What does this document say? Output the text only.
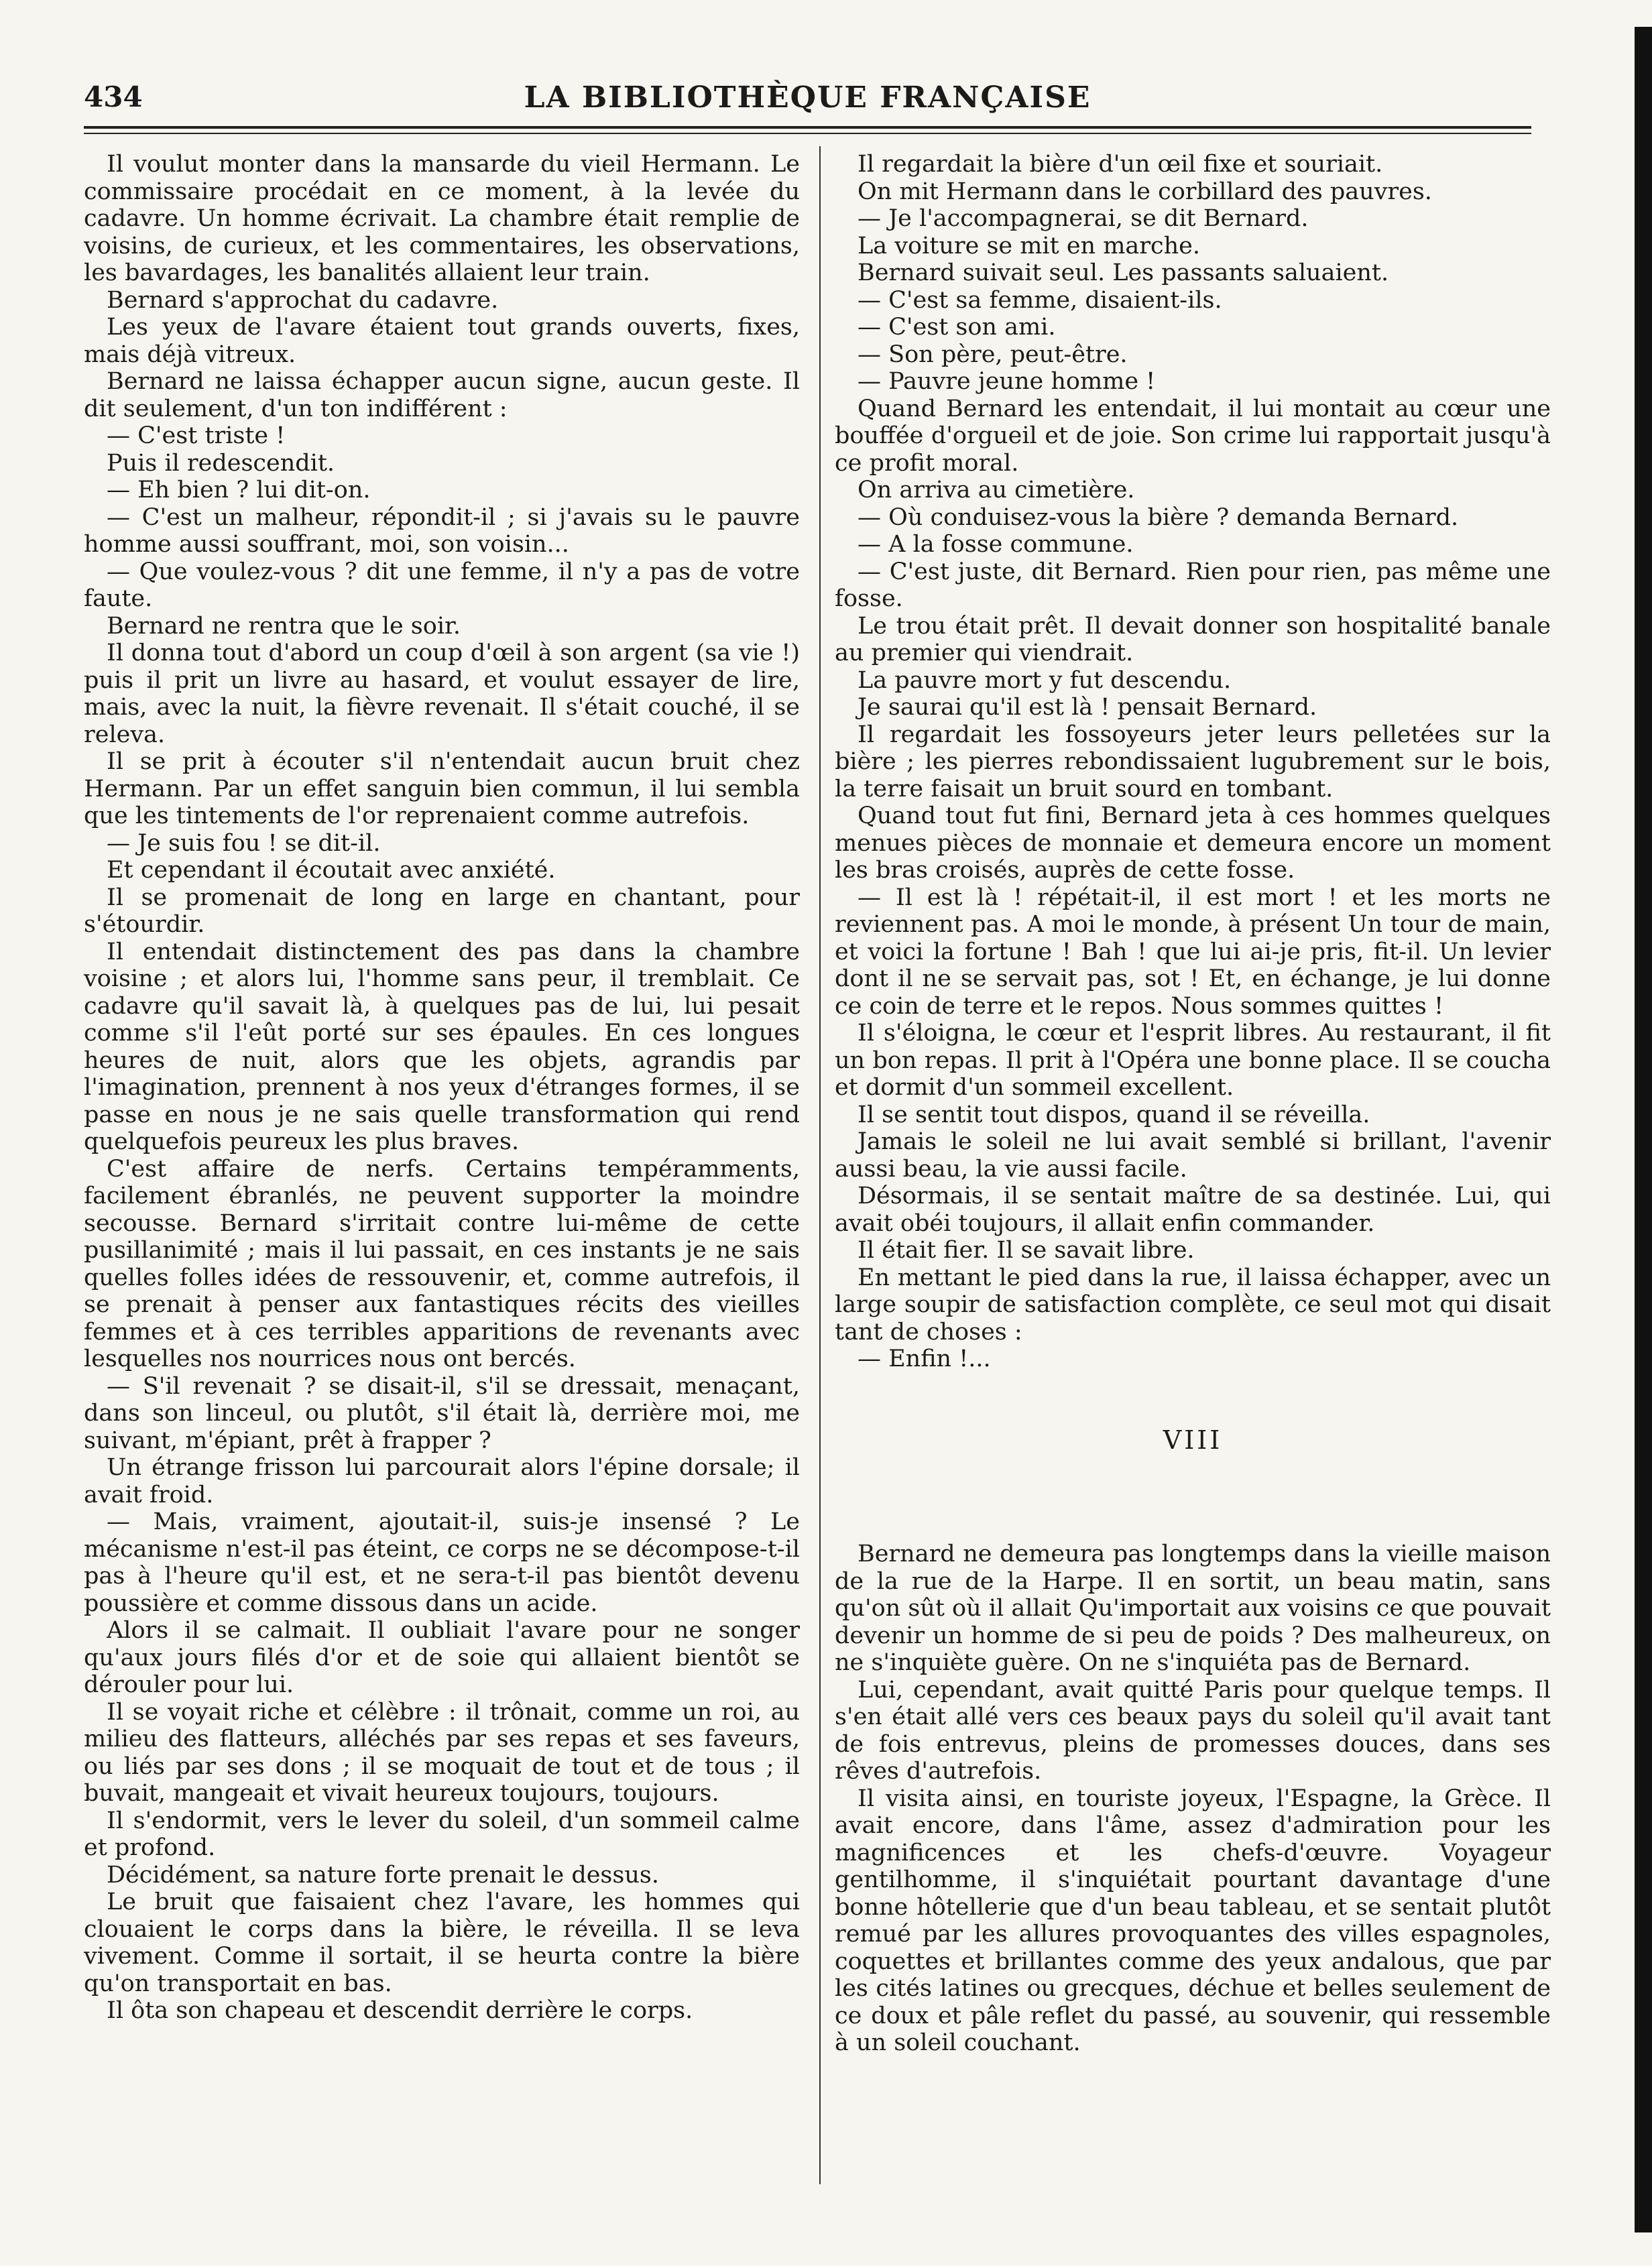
434	LA BIBLIOTHÈQUE FRANÇAISE

Il voulut monter dans la mansarde du vieil Hermann. Le commissaire procédait en ce moment, à la levée du cadavre. Un homme écrivait. La chambre était remplie de voisins, de curieux, et les commentaires, les observations, les bavardages, les banalités allaient leur train.

Bernard s'approchat du cadavre.

Les yeux de l'avare étaient tout grands ouverts, fixes, mais déjà vitreux.

Bernard ne laissa échapper aucun signe, aucun geste. Il dit seulement, d'un ton indifférent :

— C'est triste !

Puis il redescendit.

— Eh bien ? lui dit-on.

— C'est un malheur, répondit-il ; si j'avais su le pauvre homme aussi souffrant, moi, son voisin...

— Que voulez-vous ? dit une femme, il n'y a pas de votre faute.

Bernard ne rentra que le soir.

Il donna tout d'abord un coup d'œil à son argent (sa vie !) puis il prit un livre au hasard, et voulut essayer de lire, mais, avec la nuit, la fièvre revenait. Il s'était couché, il se releva.

Il se prit à écouter s'il n'entendait aucun bruit chez Hermann. Par un effet sanguin bien commun, il lui sembla que les tintements de l'or reprenaient comme autrefois.

— Je suis fou ! se dit-il.

Et cependant il écoutait avec anxiété.

Il se promenait de long en large en chantant, pour s'étourdir.

Il entendait distinctement des pas dans la chambre voisine ; et alors lui, l'homme sans peur, il tremblait. Ce cadavre qu'il savait là, à quelques pas de lui, lui pesait comme s'il l'eût porté sur ses épaules. En ces longues heures de nuit, alors que les objets, agrandis par l'imagination, prennent à nos yeux d'étranges formes, il se passe en nous je ne sais quelle transformation qui rend quelquefois peureux les plus braves.

C'est affaire de nerfs. Certains tempéramments, facilement ébranlés, ne peuvent supporter la moindre secousse. Bernard s'irritait contre lui-même de cette pusillanimité ; mais il lui passait, en ces instants je ne sais quelles folles idées de ressouvenir, et, comme autrefois, il se prenait à penser aux fantastiques récits des vieilles femmes et à ces terribles apparitions de revenants avec lesquelles nos nourrices nous ont bercés.

— S'il revenait ? se disait-il, s'il se dressait, menaçant, dans son linceul, ou plutôt, s'il était là, derrière moi, me suivant, m'épiant, prêt à frapper ?

Un étrange frisson lui parcourait alors l'épine dorsale; il avait froid.

— Mais, vraiment, ajoutait-il, suis-je insensé ? Le mécanisme n'est-il pas éteint, ce corps ne se décompose-t-il pas à l'heure qu'il est, et ne sera-t-il pas bientôt devenu poussière et comme dissous dans un acide.

Alors il se calmait. Il oubliait l'avare pour ne songer qu'aux jours filés d'or et de soie qui allaient bientôt se dérouler pour lui.

Il se voyait riche et célèbre : il trônait, comme un roi, au milieu des flatteurs, alléchés par ses repas et ses faveurs, ou liés par ses dons ; il se moquait de tout et de tous ; il buvait, mangeait et vivait heureux toujours, toujours.

Il s'endormit, vers le lever du soleil, d'un sommeil calme et profond.

Décidément, sa nature forte prenait le dessus.

Le bruit que faisaient chez l'avare, les hommes qui clouaient le corps dans la bière, le réveilla. Il se leva vivement. Comme il sortait, il se heurta contre la bière qu'on transportait en bas.

Il ôta son chapeau et descendit derrière le corps.

Il regardait la bière d'un œil fixe et souriait.

On mit Hermann dans le corbillard des pauvres.

— Je l'accompagnerai, se dit Bernard.

La voiture se mit en marche.

Bernard suivait seul. Les passants saluaient.

— C'est sa femme, disaient-ils.

— C'est son ami.

— Son père, peut-être.

— Pauvre jeune homme !

Quand Bernard les entendait, il lui montait au cœur une bouffée d'orgueil et de joie. Son crime lui rapportait jusqu'à ce profit moral.

On arriva au cimetière.

— Où conduisez-vous la bière ? demanda Bernard.

— A la fosse commune.

— C'est juste, dit Bernard. Rien pour rien, pas même une fosse.

Le trou était prêt. Il devait donner son hospitalité banale au premier qui viendrait.

La pauvre mort y fut descendu.

Je saurai qu'il est là ! pensait Bernard.

Il regardait les fossoyeurs jeter leurs pelletées sur la bière ; les pierres rebondissaient lugubrement sur le bois, la terre faisait un bruit sourd en tombant.

Quand tout fut fini, Bernard jeta à ces hommes quelques menues pièces de monnaie et demeura encore un moment les bras croisés, auprès de cette fosse.

— Il est là ! répétait-il, il est mort ! et les morts ne reviennent pas. A moi le monde, à présent Un tour de main, et voici la fortune ! Bah ! que lui ai-je pris, fit-il. Un levier dont il ne se servait pas, sot ! Et, en échange, je lui donne ce coin de terre et le repos. Nous sommes quittes !

Il s'éloigna, le cœur et l'esprit libres. Au restaurant, il fit un bon repas. Il prit à l'Opéra une bonne place. Il se coucha et dormit d'un sommeil excellent.

Il se sentit tout dispos, quand il se réveilla.

Jamais le soleil ne lui avait semblé si brillant, l'avenir aussi beau, la vie aussi facile.

Désormais, il se sentait maître de sa destinée. Lui, qui avait obéi toujours, il allait enfin commander.

Il était fier. Il se savait libre.

En mettant le pied dans la rue, il laissa échapper, avec un large soupir de satisfaction complète, ce seul mot qui disait tant de choses :

— Enfin !...

VIII

Bernard ne demeura pas longtemps dans la vieille maison de la rue de la Harpe. Il en sortit, un beau matin, sans qu'on sût où il allait Qu'importait aux voisins ce que pouvait devenir un homme de si peu de poids ? Des malheureux, on ne s'inquiète guère. On ne s'inquiéta pas de Bernard.

Lui, cependant, avait quitté Paris pour quelque temps. Il s'en était allé vers ces beaux pays du soleil qu'il avait tant de fois entrevus, pleins de promesses douces, dans ses rêves d'autrefois.

Il visita ainsi, en touriste joyeux, l'Espagne, la Grèce. Il avait encore, dans l'âme, assez d'admiration pour les magnificences et les chefs-d'œuvre. Voyageur gentilhomme, il s'inquiétait pourtant davantage d'une bonne hôtellerie que d'un beau tableau, et se sentait plutôt remué par les allures provoquantes des villes espagnoles, coquettes et brillantes comme des yeux andalous, que par les cités latines ou grecques, déchue et belles seulement de ce doux et pâle reflet du passé, au souvenir, qui ressemble à un soleil couchant.
